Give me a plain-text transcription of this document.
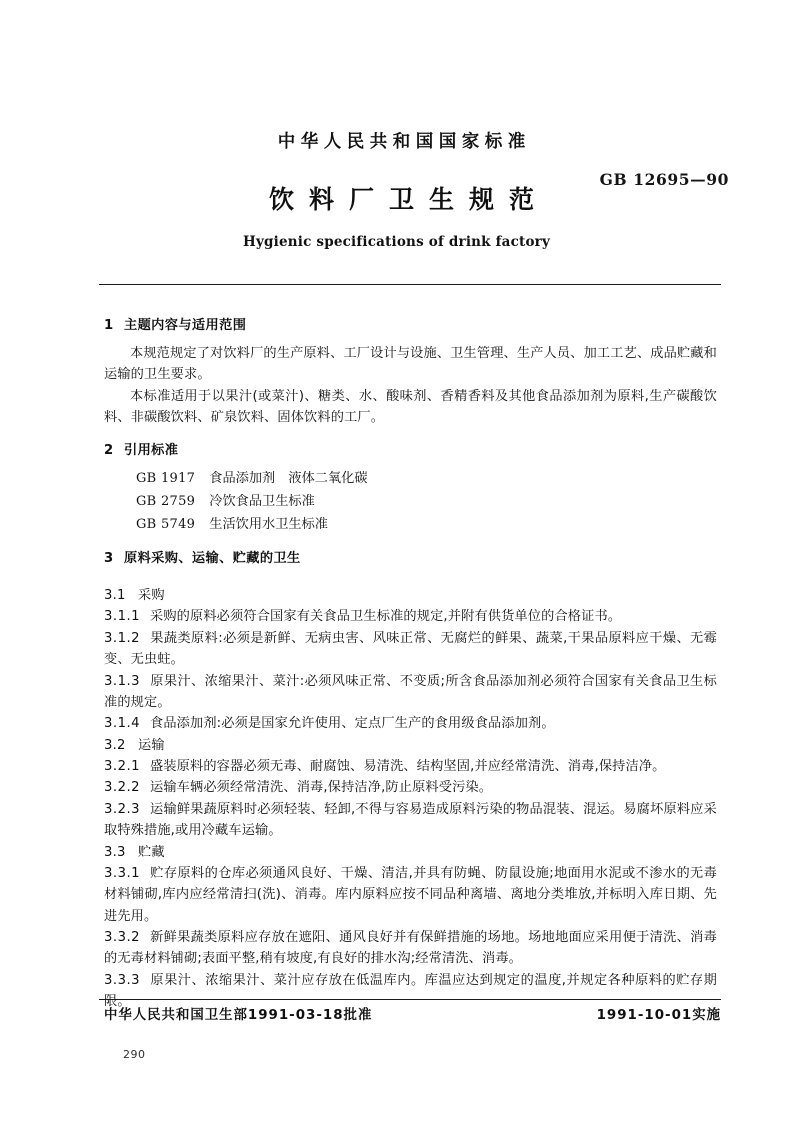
中华人民共和国国家标准
饮料厂卫生规范
GB 12695—90
Hygienic specifications of drink factory
1 主题内容与适用范围

本规范规定了对饮料厂的生产原料、工厂设计与设施、卫生管理、生产人员、加工工艺、成品贮藏和运输的卫生要求。

本标准适用于以果汁(或菜汁)、糖类、水、酸味剂、香精香料及其他食品添加剂为原料,生产碳酸饮料、非碳酸饮料、矿泉饮料、固体饮料的工厂。

2 引用标准
GB 1917 食品添加剂　液体二氧化碳
GB 2759 冷饮食品卫生标准
GB 5749 生活饮用水卫生标准
3 原料采购、运输、贮藏的卫生
3.1 采购

3.1.1 采购的原料必须符合国家有关食品卫生标准的规定,并附有供货单位的合格证书。

3.1.2 果蔬类原料:必须是新鲜、无病虫害、风味正常、无腐烂的鲜果、蔬菜,干果品原料应干燥、无霉变、无虫蛀。

3.1.3 原果汁、浓缩果汁、菜汁:必须风味正常、不变质;所含食品添加剂必须符合国家有关食品卫生标准的规定。

3.1.4 食品添加剂:必须是国家允许使用、定点厂生产的食用级食品添加剂。

3.2 运输

3.2.1 盛装原料的容器必须无毒、耐腐蚀、易清洗、结构坚固,并应经常清洗、消毒,保持洁净。

3.2.2 运输车辆必须经常清洗、消毒,保持洁净,防止原料受污染。

3.2.3 运输鲜果蔬原料时必须轻装、轻卸,不得与容易造成原料污染的物品混装、混运。易腐坏原料应采取特殊措施,或用冷藏车运输。

3.3 贮藏

3.3.1 贮存原料的仓库必须通风良好、干燥、清洁,并具有防蝇、防鼠设施;地面用水泥或不渗水的无毒材料铺砌,库内应经常清扫(洗)、消毒。库内原料应按不同品种离墙、离地分类堆放,并标明入库日期、先进先用。

3.3.2 新鲜果蔬类原料应存放在遮阳、通风良好并有保鲜措施的场地。场地地面应采用便于清洗、消毒的无毒材料铺砌;表面平整,稍有坡度,有良好的排水沟;经常清洗、消毒。

3.3.3 原果汁、浓缩果汁、菜汁应存放在低温库内。库温应达到规定的温度,并规定各种原料的贮存期限。

中华人民共和国卫生部1991-03-18批准	1991-10-01实施
290
